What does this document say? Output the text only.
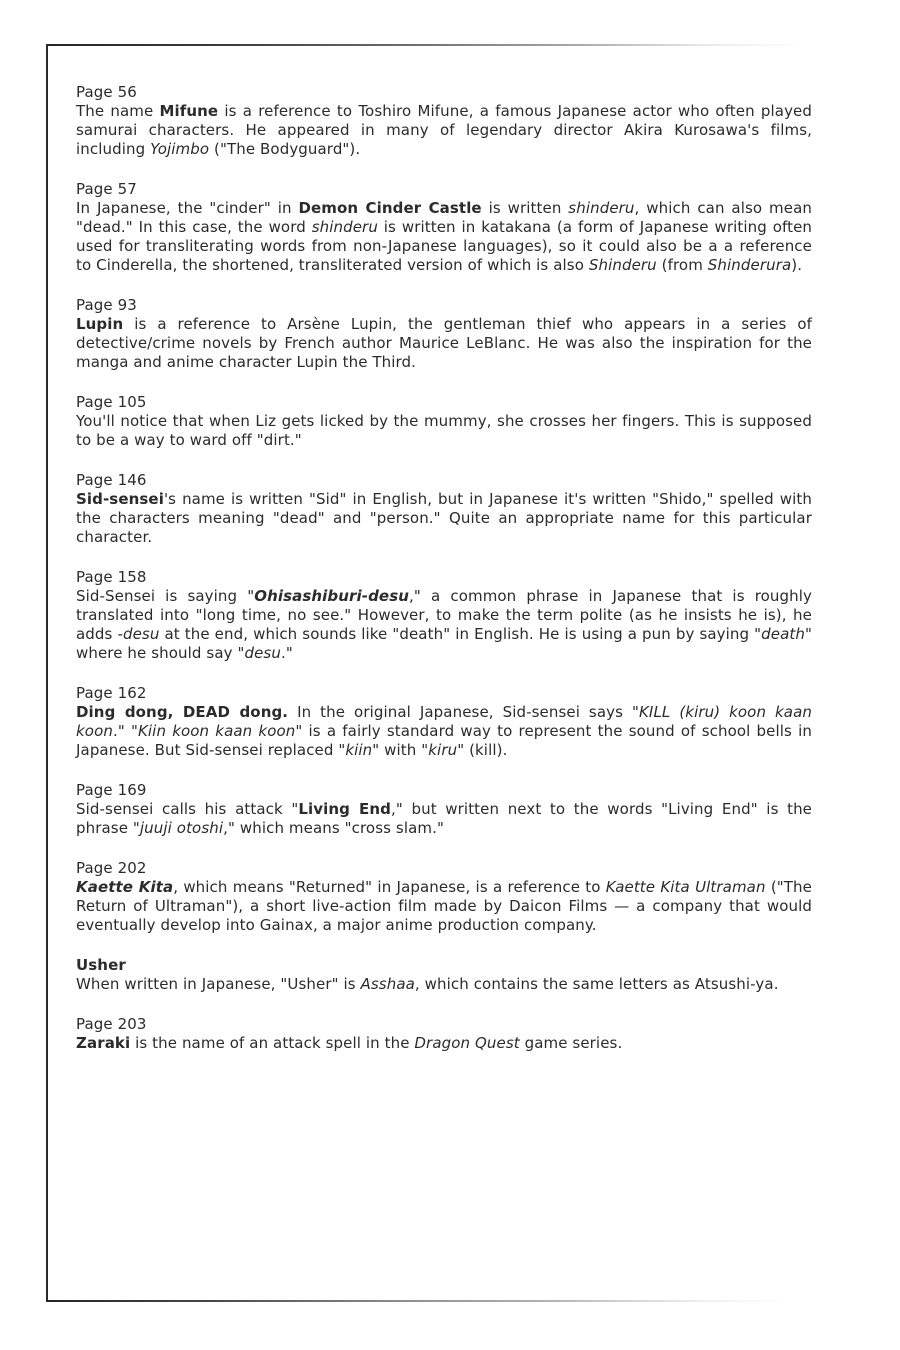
Page 56

The name Mifune is a reference to Toshiro Mifune, a famous Japanese actor who often played samurai characters. He appeared in many of legendary director Akira Kurosawa's films, including Yojimbo ("The Bodyguard").

Page 57

In Japanese, the "cinder" in Demon Cinder Castle is written shinderu, which can also mean "dead." In this case, the word shinderu is written in katakana (a form of Japanese writing often used for transliterating words from non-Japanese languages), so it could also be a a reference to Cinderella, the shortened, transliterated version of which is also Shinderu (from Shinderura).

Page 93

Lupin is a reference to Arsène Lupin, the gentleman thief who appears in a series of detective/crime novels by French author Maurice LeBlanc. He was also the inspiration for the manga and anime character Lupin the Third.

Page 105

You'll notice that when Liz gets licked by the mummy, she crosses her fingers. This is supposed to be a way to ward off "dirt."

Page 146

Sid-sensei's name is written "Sid" in English, but in Japanese it's written "Shido," spelled with the characters meaning "dead" and "person." Quite an appropriate name for this particular character.

Page 158

Sid-Sensei is saying "Ohisashiburi-desu," a common phrase in Japanese that is roughly translated into "long time, no see." However, to make the term polite (as he insists he is), he adds -desu at the end, which sounds like "death" in English. He is using a pun by saying "death" where he should say "desu."

Page 162

Ding dong, DEAD dong. In the original Japanese, Sid-sensei says "KILL (kiru) koon kaan koon." "Kiin koon kaan koon" is a fairly standard way to represent the sound of school bells in Japanese. But Sid-sensei replaced "kiin" with "kiru" (kill).

Page 169

Sid-sensei calls his attack "Living End," but written next to the words "Living End" is the phrase "juuji otoshi," which means "cross slam."

Page 202

Kaette Kita, which means "Returned" in Japanese, is a reference to Kaette Kita Ultraman ("The Return of Ultraman"), a short live-action film made by Daicon Films — a company that would eventually develop into Gainax, a major anime production company.

Usher

When written in Japanese, "Usher" is Asshaa, which contains the same letters as Atsushi-ya.

Page 203

Zaraki is the name of an attack spell in the Dragon Quest game series.
